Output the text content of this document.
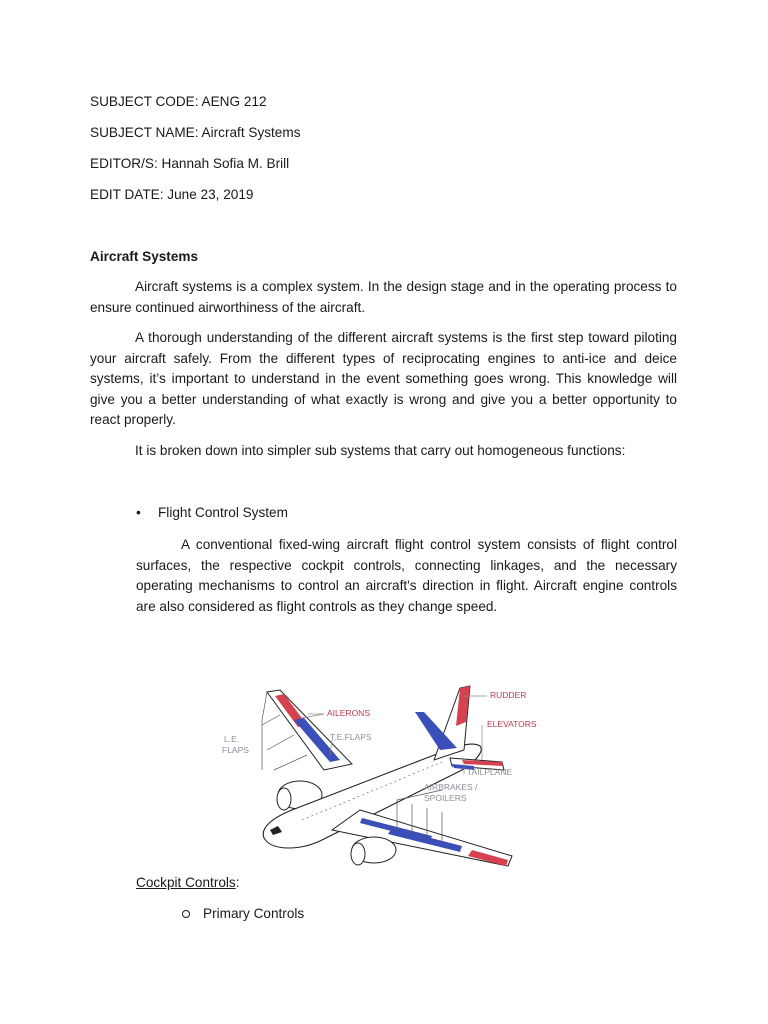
SUBJECT CODE: AENG 212
SUBJECT NAME: Aircraft Systems
EDITOR/S: Hannah Sofia M. Brill
EDIT DATE: June 23, 2019
Aircraft Systems
Aircraft systems is a complex system. In the design stage and in the operating process to ensure continued airworthiness of the aircraft.
A thorough understanding of the different aircraft systems is the first step toward piloting your aircraft safely. From the different types of reciprocating engines to anti-ice and deice systems, it’s important to understand in the event something goes wrong. This knowledge will give you a better understanding of what exactly is wrong and give you a better opportunity to react properly.
It is broken down into simpler sub systems that carry out homogeneous functions:
• Flight Control System
A conventional fixed-wing aircraft flight control system consists of flight control surfaces, the respective cockpit controls, connecting linkages, and the necessary operating mechanisms to control an aircraft's direction in flight. Aircraft engine controls are also considered as flight controls as they change speed.
RUDDER
AILERONS
ELEVATORS
L.E.
FLAPS
T.E.FLAPS
TAILPLANE
AIRBRAKES /
SPOILERS
Cockpit Controls:
Primary Controls
